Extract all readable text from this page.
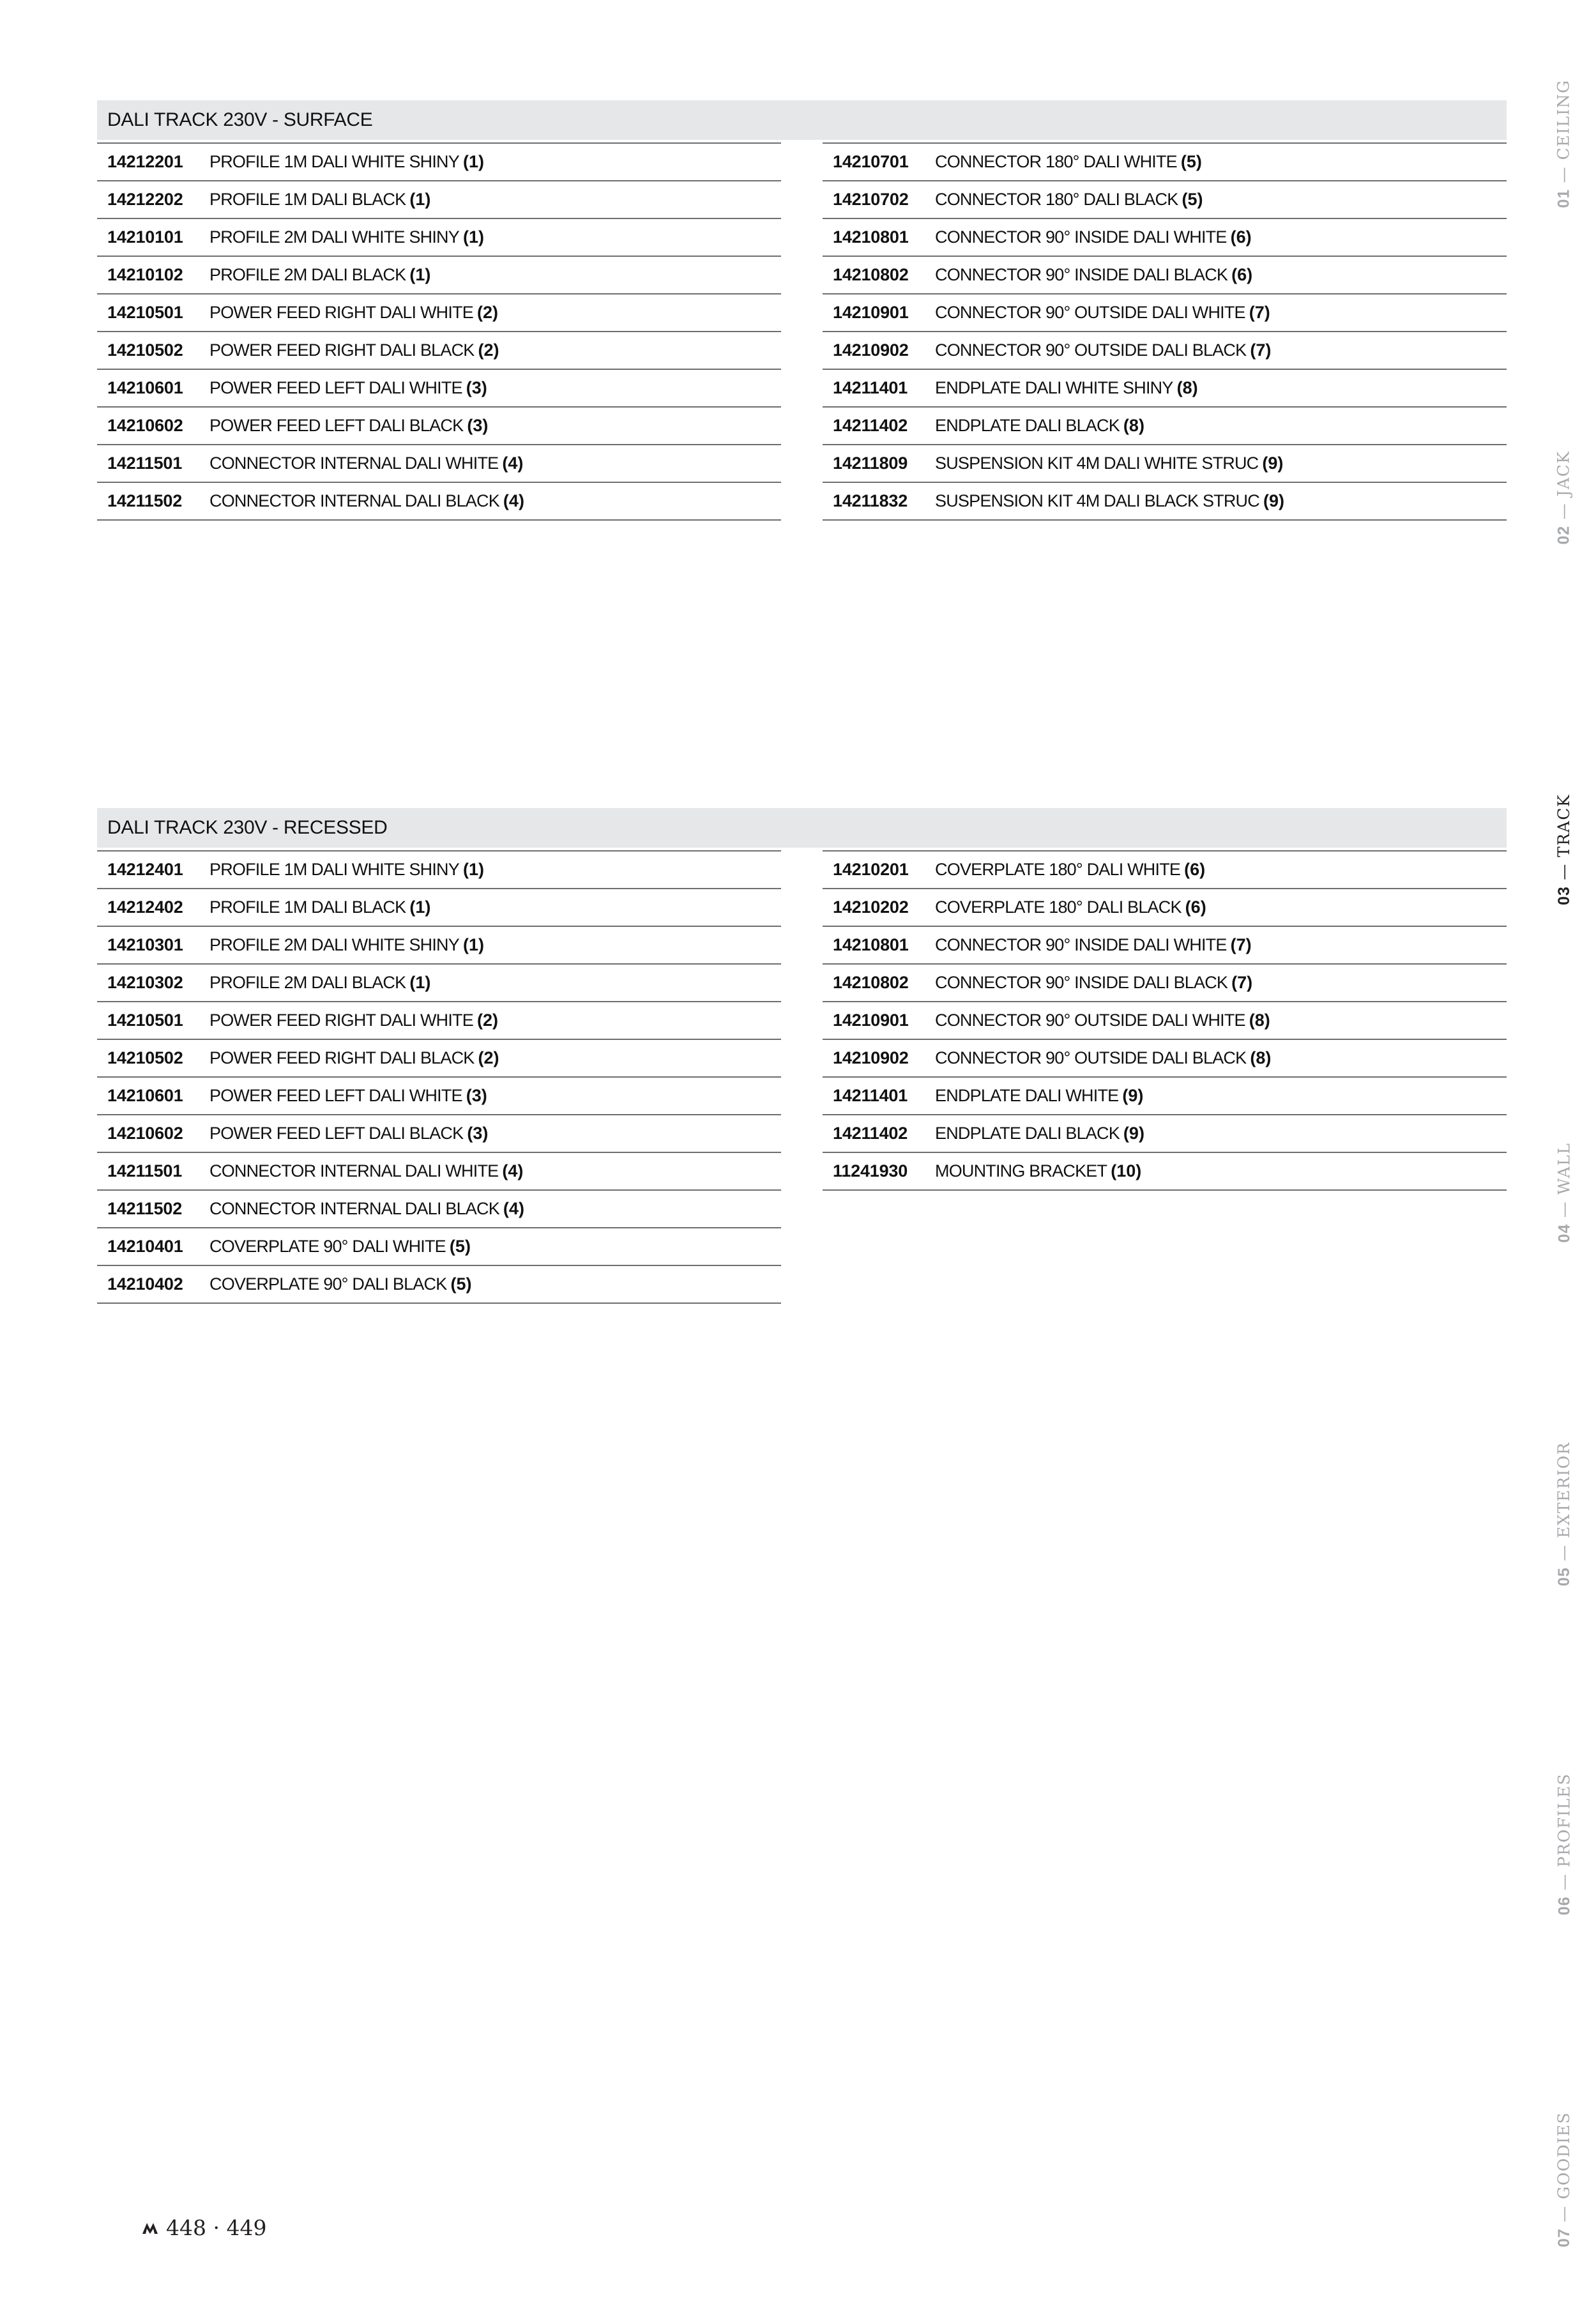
DALI TRACK 230V - SURFACE
14212201	PROFILE 1M DALI WHITE SHINY ( 1 )
14212202	PROFILE 1M DALI BLACK ( 1 )
14210101	PROFILE 2M DALI WHITE SHINY ( 1 )
14210102	PROFILE 2M DALI BLACK ( 1 )
14210501	POWER FEED RIGHT DALI WHITE ( 2 )
14210502	POWER FEED RIGHT DALI BLACK ( 2 )
14210601	POWER FEED LEFT DALI WHITE ( 3 )
14210602	POWER FEED LEFT DALI BLACK ( 3 )
14211501	CONNECTOR INTERNAL DALI WHITE ( 4 )
14211502	CONNECTOR INTERNAL DALI BLACK ( 4 )
14210701	CONNECTOR 180° DALI WHITE ( 5 )
14210702	CONNECTOR 180° DALI BLACK ( 5 )
14210801	CONNECTOR 90° INSIDE DALI WHITE ( 6 )
14210802	CONNECTOR 90° INSIDE DALI BLACK ( 6 )
14210901	CONNECTOR 90° OUTSIDE DALI WHITE ( 7 )
14210902	CONNECTOR 90° OUTSIDE DALI BLACK ( 7 )
14211401	ENDPLATE DALI WHITE SHINY ( 8 )
14211402	ENDPLATE DALI BLACK ( 8 )
14211809	SUSPENSION KIT 4M DALI WHITE STRUC ( 9 )
14211832	SUSPENSION KIT 4M DALI BLACK STRUC ( 9 )
DALI TRACK 230V - RECESSED
14212401	PROFILE 1M DALI WHITE SHINY ( 1 )
14212402	PROFILE 1M DALI BLACK ( 1 )
14210301	PROFILE 2M DALI WHITE SHINY ( 1 )
14210302	PROFILE 2M DALI BLACK ( 1 )
14210501	POWER FEED RIGHT DALI WHITE ( 2 )
14210502	POWER FEED RIGHT DALI BLACK ( 2 )
14210601	POWER FEED LEFT DALI WHITE ( 3 )
14210602	POWER FEED LEFT DALI BLACK ( 3 )
14211501	CONNECTOR INTERNAL DALI WHITE ( 4 )
14211502	CONNECTOR INTERNAL DALI BLACK ( 4 )
14210401	COVERPLATE 90° DALI WHITE ( 5 )
14210402	COVERPLATE 90° DALI BLACK ( 5 )
14210201	COVERPLATE 180° DALI WHITE ( 6 )
14210202	COVERPLATE 180° DALI BLACK ( 6 )
14210801	CONNECTOR 90° INSIDE DALI WHITE ( 7 )
14210802	CONNECTOR 90° INSIDE DALI BLACK ( 7 )
14210901	CONNECTOR 90° OUTSIDE DALI WHITE ( 8 )
14210902	CONNECTOR 90° OUTSIDE DALI BLACK ( 8 )
14211401	ENDPLATE DALI WHITE ( 9 )
14211402	ENDPLATE DALI BLACK ( 9 )
11241930	MOUNTING BRACKET ( 10 )
01 — CEILING
02 — JACK
03 — TRACK
04 — WALL
05 — EXTERIOR
06 — PROFILES
07 — GOODIES
448 · 449
